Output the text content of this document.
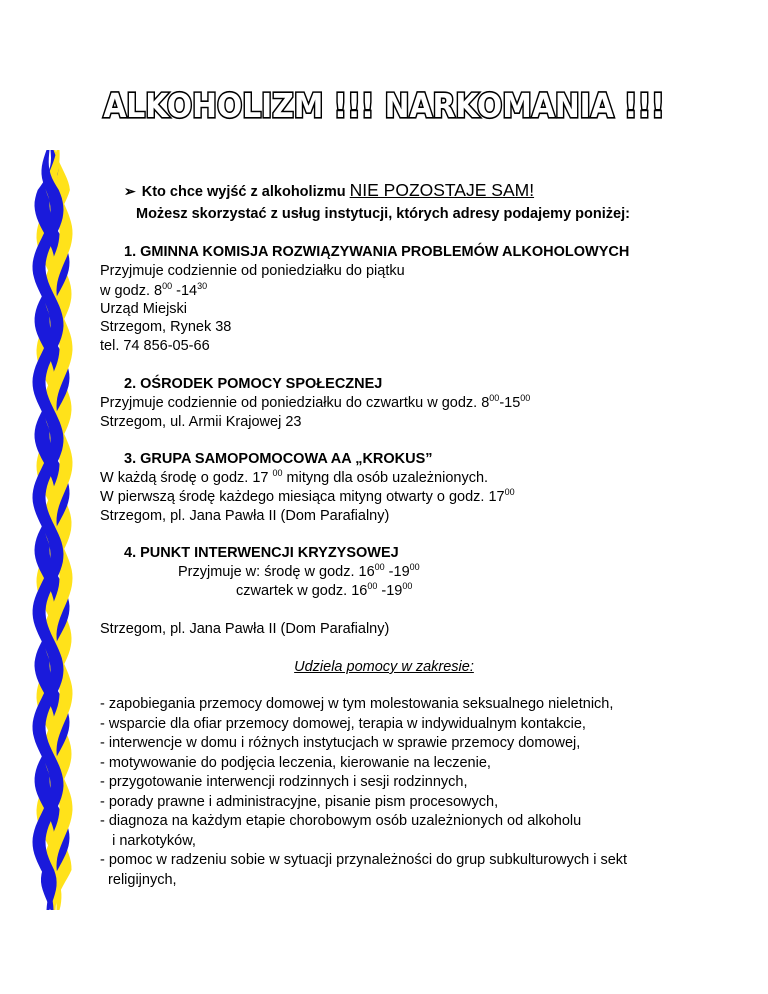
ALKOHOLIZM !!! NARKOMANIA !!!
➢ Kto chce wyjść z alkoholizmu NIE POZOSTAJE SAM!
Możesz skorzystać z usług instytucji, których adresy podajemy poniżej:
1. GMINNA KOMISJA ROZWIĄZYWANIA PROBLEMÓW ALKOHOLOWYCH
Przyjmuje codziennie od poniedziałku do piątku
w godz. $8^{00}$ $-14^{30}$
Urząd Miejski
Strzegom, Rynek 38
tel. 74 856-05-66
2. OŚRODEK POMOCY SPOŁECZNEJ
Przyjmuje codziennie od poniedziałku do czwartku w godz. $8^{00}-15^{00}$
Strzegom, ul. Armii Krajowej 23
3. GRUPA SAMOPOMOCOWA AA „KROKUS”
W każdą środę o godz. 17 $^{00}$ mityng dla osób uzależnionych.
W pierwszą środę każdego miesiąca mityng otwarty o godz. $17^{00}$
Strzegom, pl. Jana Pawła II (Dom Parafialny)
4. PUNKT INTERWENCJI KRYZYSOWEJ
Przyjmuje w: środę w godz. $16^{00}$ $-19^{00}$
czwartek w godz. $16^{00}$ $-19^{00}$
Strzegom, pl. Jana Pawła II (Dom Parafialny)
Udziela pomocy w zakresie:
- zapobiegania przemocy domowej w tym molestowania seksualnego nieletnich,
- wsparcie dla ofiar przemocy domowej, terapia w indywidualnym kontakcie,
- interwencje w domu i różnych instytucjach w sprawie przemocy domowej,
- motywowanie do podjęcia leczenia, kierowanie na leczenie,
- przygotowanie interwencji rodzinnych i sesji rodzinnych,
- porady prawne i administracyjne, pisanie pism procesowych,
- diagnoza na każdym etapie chorobowym osób uzależnionych od alkoholu
i narkotyków,
- pomoc w radzeniu sobie w sytuacji przynależności do grup subkulturowych i sekt
religijnych,
